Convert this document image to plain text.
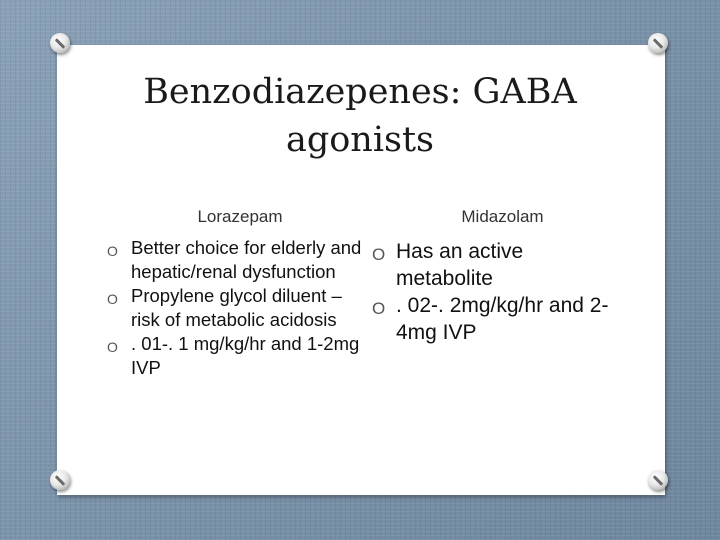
Benzodiazepenes: GABA
agonists
Lorazepam	Midazolam
O Better choice for elderly and hepatic/renal dysfunction
O Propylene glycol diluent – risk of metabolic acidosis
O . 01-. 1 mg/kg/hr and 1-2mg IVP
O Has an active metabolite
O . 02-. 2mg/kg/hr and 2-4mg IVP
